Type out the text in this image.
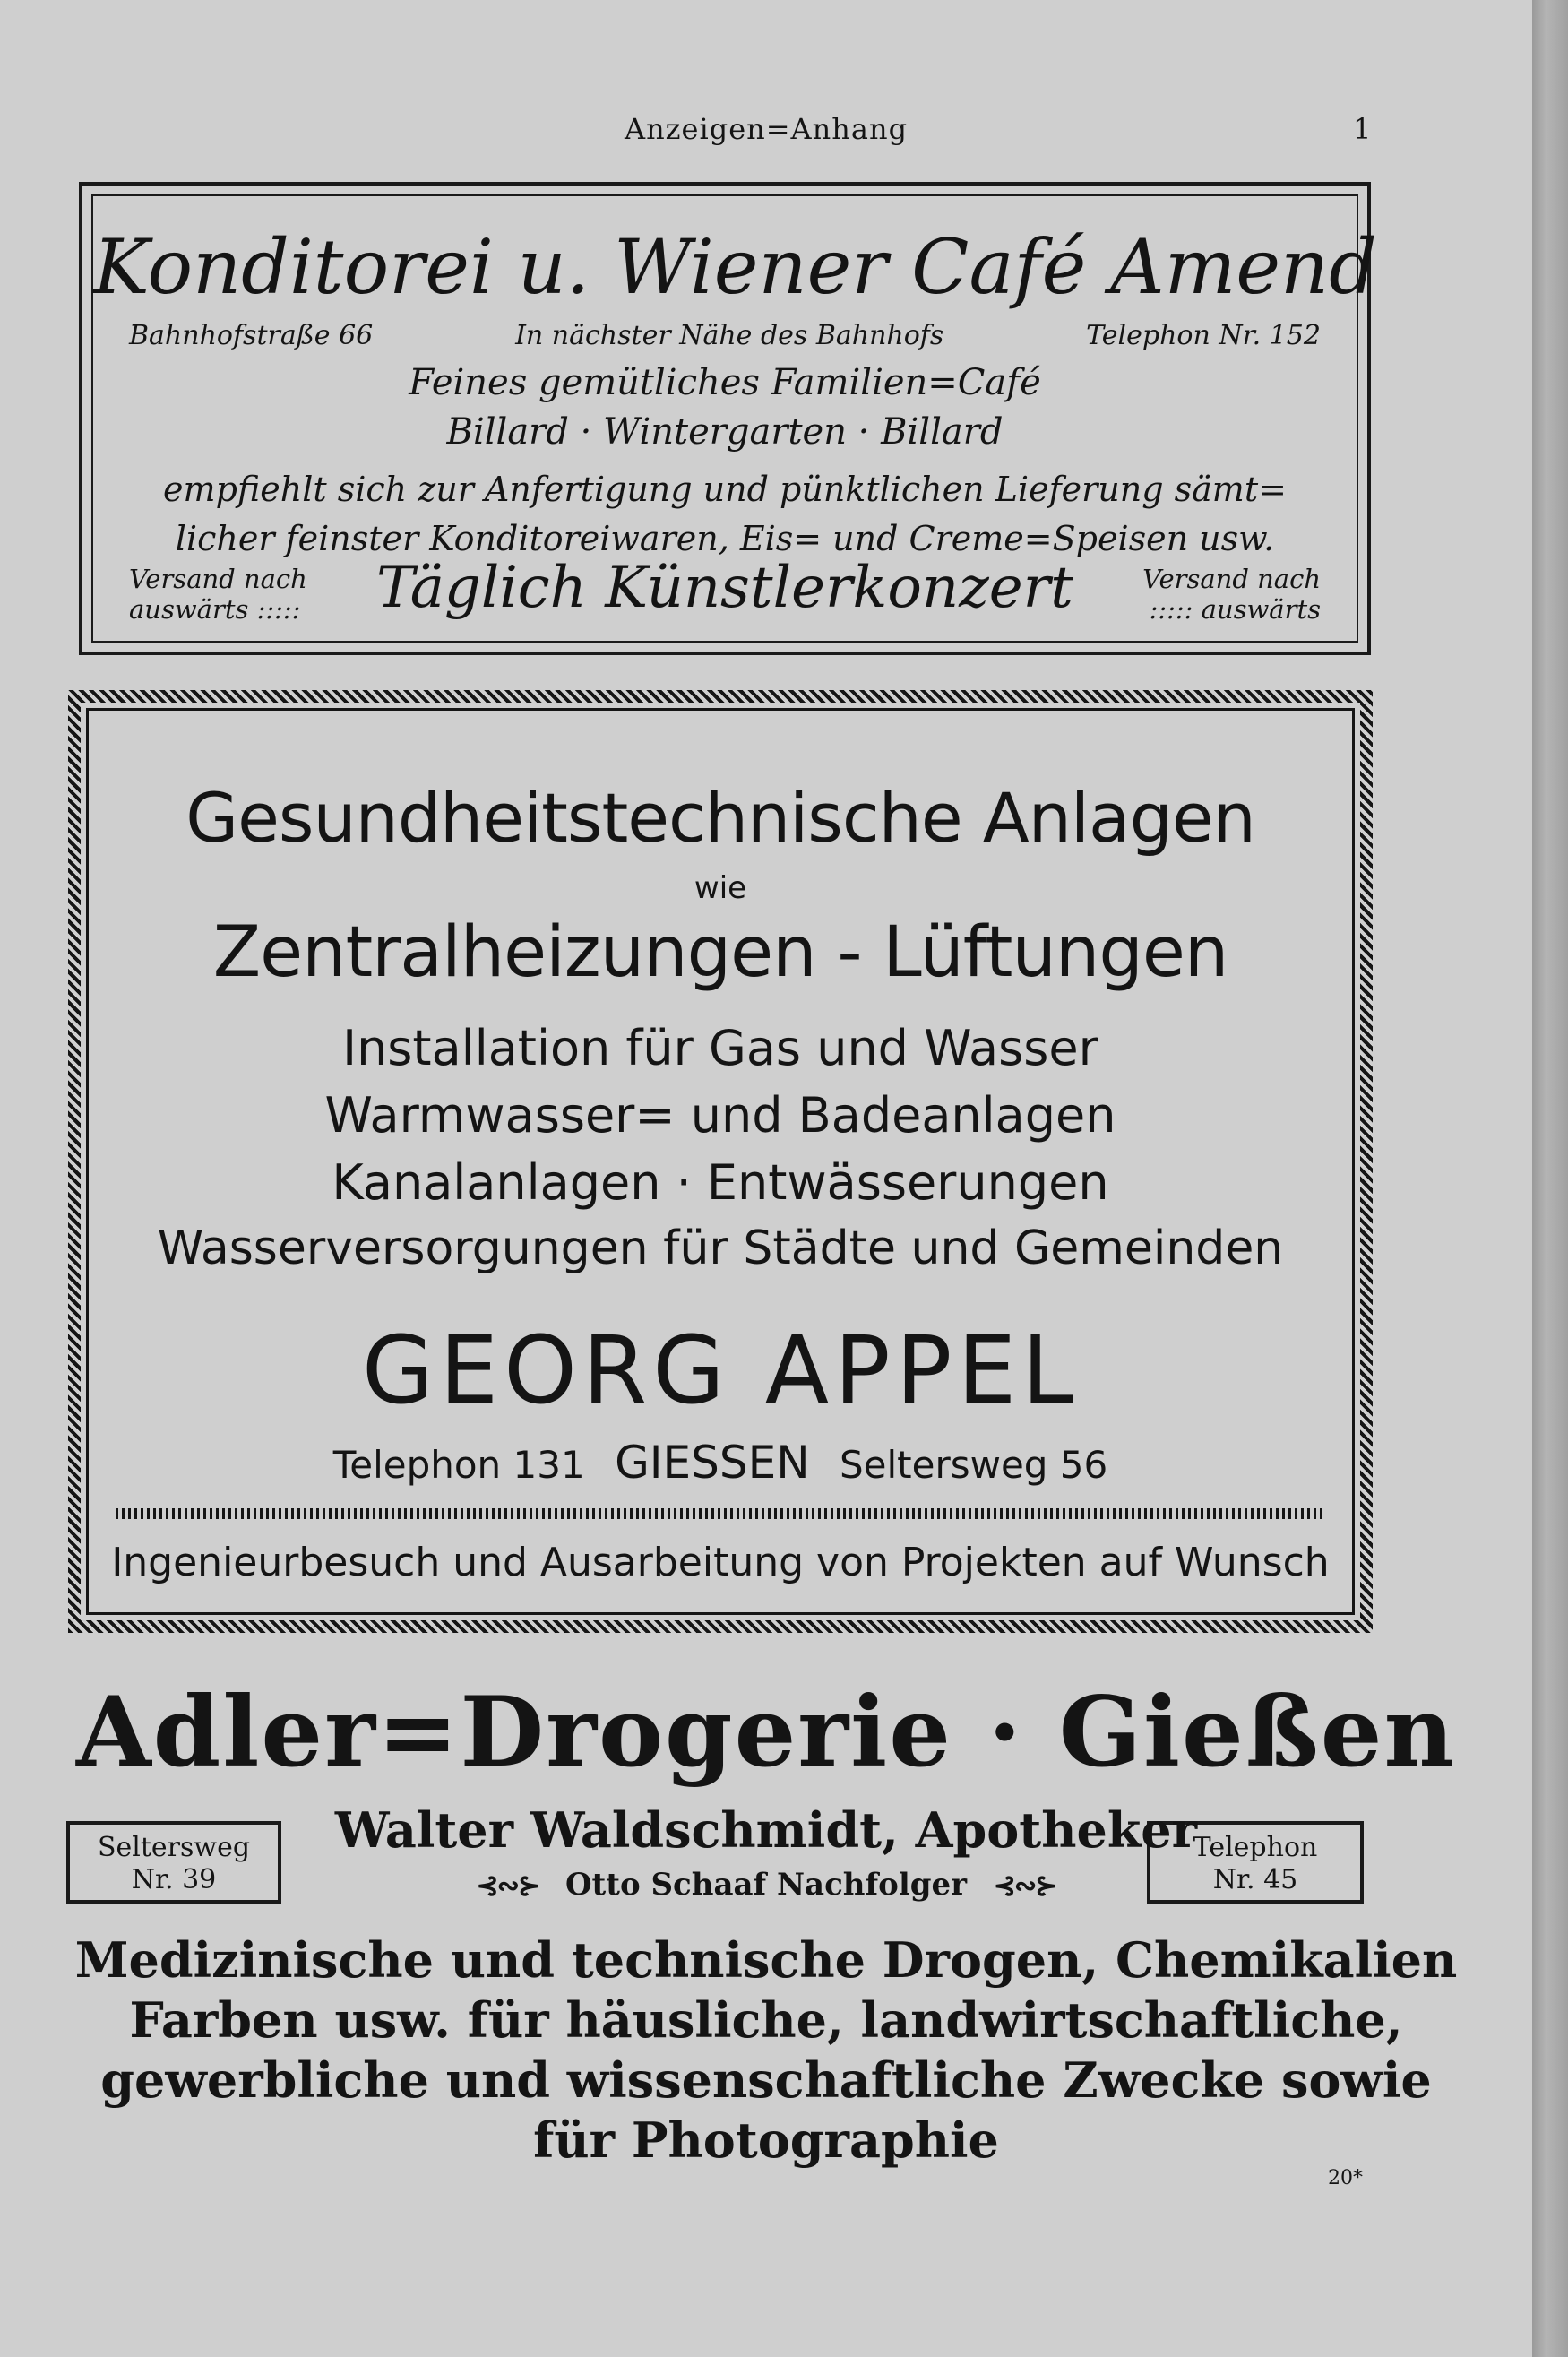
Anzeigen=Anhang	1
Konditorei u. Wiener Café Amend
Bahnhofstraße 66	In nächster Nähe des Bahnhofs	Telephon Nr. 152
Feines gemütliches Familien=Café
Billard · Wintergarten · Billard
empfiehlt sich zur Anfertigung und pünktlichen Lieferung sämt=
licher feinster Konditoreiwaren, Eis= und Creme=Speisen usw.
Versand nach
auswärts :::::	Täglich Künstlerkonzert	Versand nach
::::: auswärts
Gesundheitstechnische Anlagen
wie
Zentralheizungen - Lüftungen
Installation für Gas und Wasser
Warmwasser= und Badeanlagen
Kanalanlagen · Entwässerungen
Wasserversorgungen für Städte und Gemeinden
GEORG APPEL
Telephon 131 GIESSEN Seltersweg 56
Ingenieurbesuch und Ausarbeitung von Projekten auf Wunsch
Adler=Drogerie · Gießen
Seltersweg
Nr. 39
Telephon
Nr. 45
Walter Waldschmidt, Apotheker
⊰∾⊱ Otto Schaaf Nachfolger ⊰∾⊱
Medizinische und technische Drogen, Chemikalien
Farben usw. für häusliche, landwirtschaftliche,
gewerbliche und wissenschaftliche Zwecke sowie
für Photographie
20*
